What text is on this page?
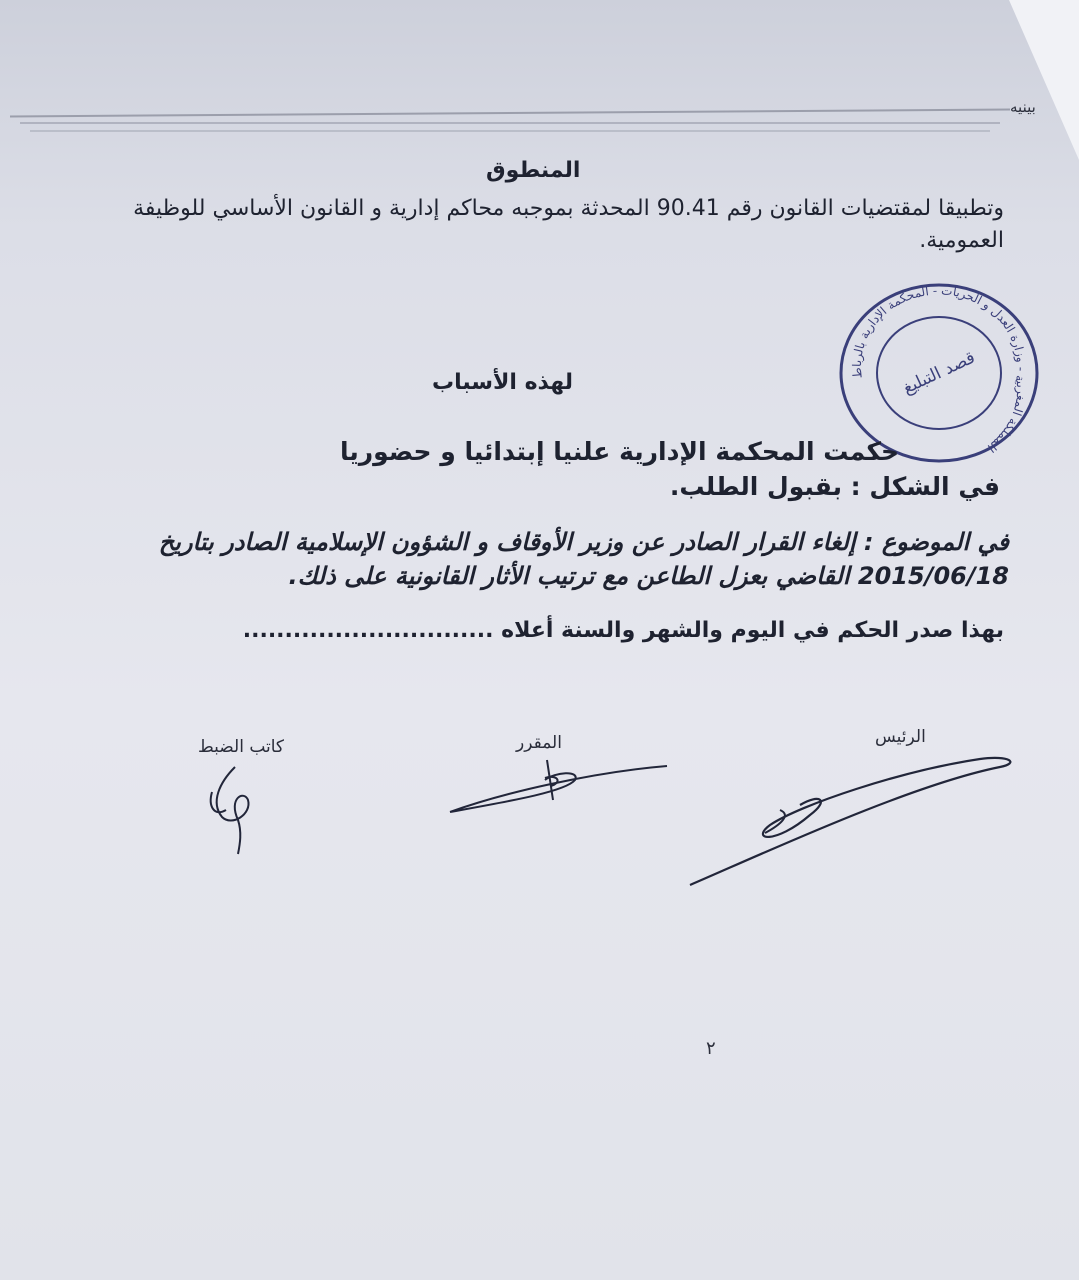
بينيه
المنطوق
وتطبيقا لمقتضيات القانون رقم 90.41 المحدثة بموجبه محاكم إدارية و القانون الأساسي للوظيفة
العمومية.
المملكة المغربية - وزارة العدل و الحريات - المحكمة الإدارية بالرباط
قصد التبليغ
لهذه الأسباب
حكمت المحكمة الإدارية علنيا إبتدائيا و حضوريا
في الشكل : بقبول الطلب.
في الموضوع : إلغاء القرار الصادر عن وزير الأوقاف و الشؤون الإسلامية الصادر بتاريخ
2015/06/18 القاضي بعزل الطاعن مع ترتيب الأثار القانونية على ذلك.
بهذا صدر الحكم في اليوم والشهر والسنة أعلاه ..............................
الرئيس
المقرر
كاتب الضبط
٢
